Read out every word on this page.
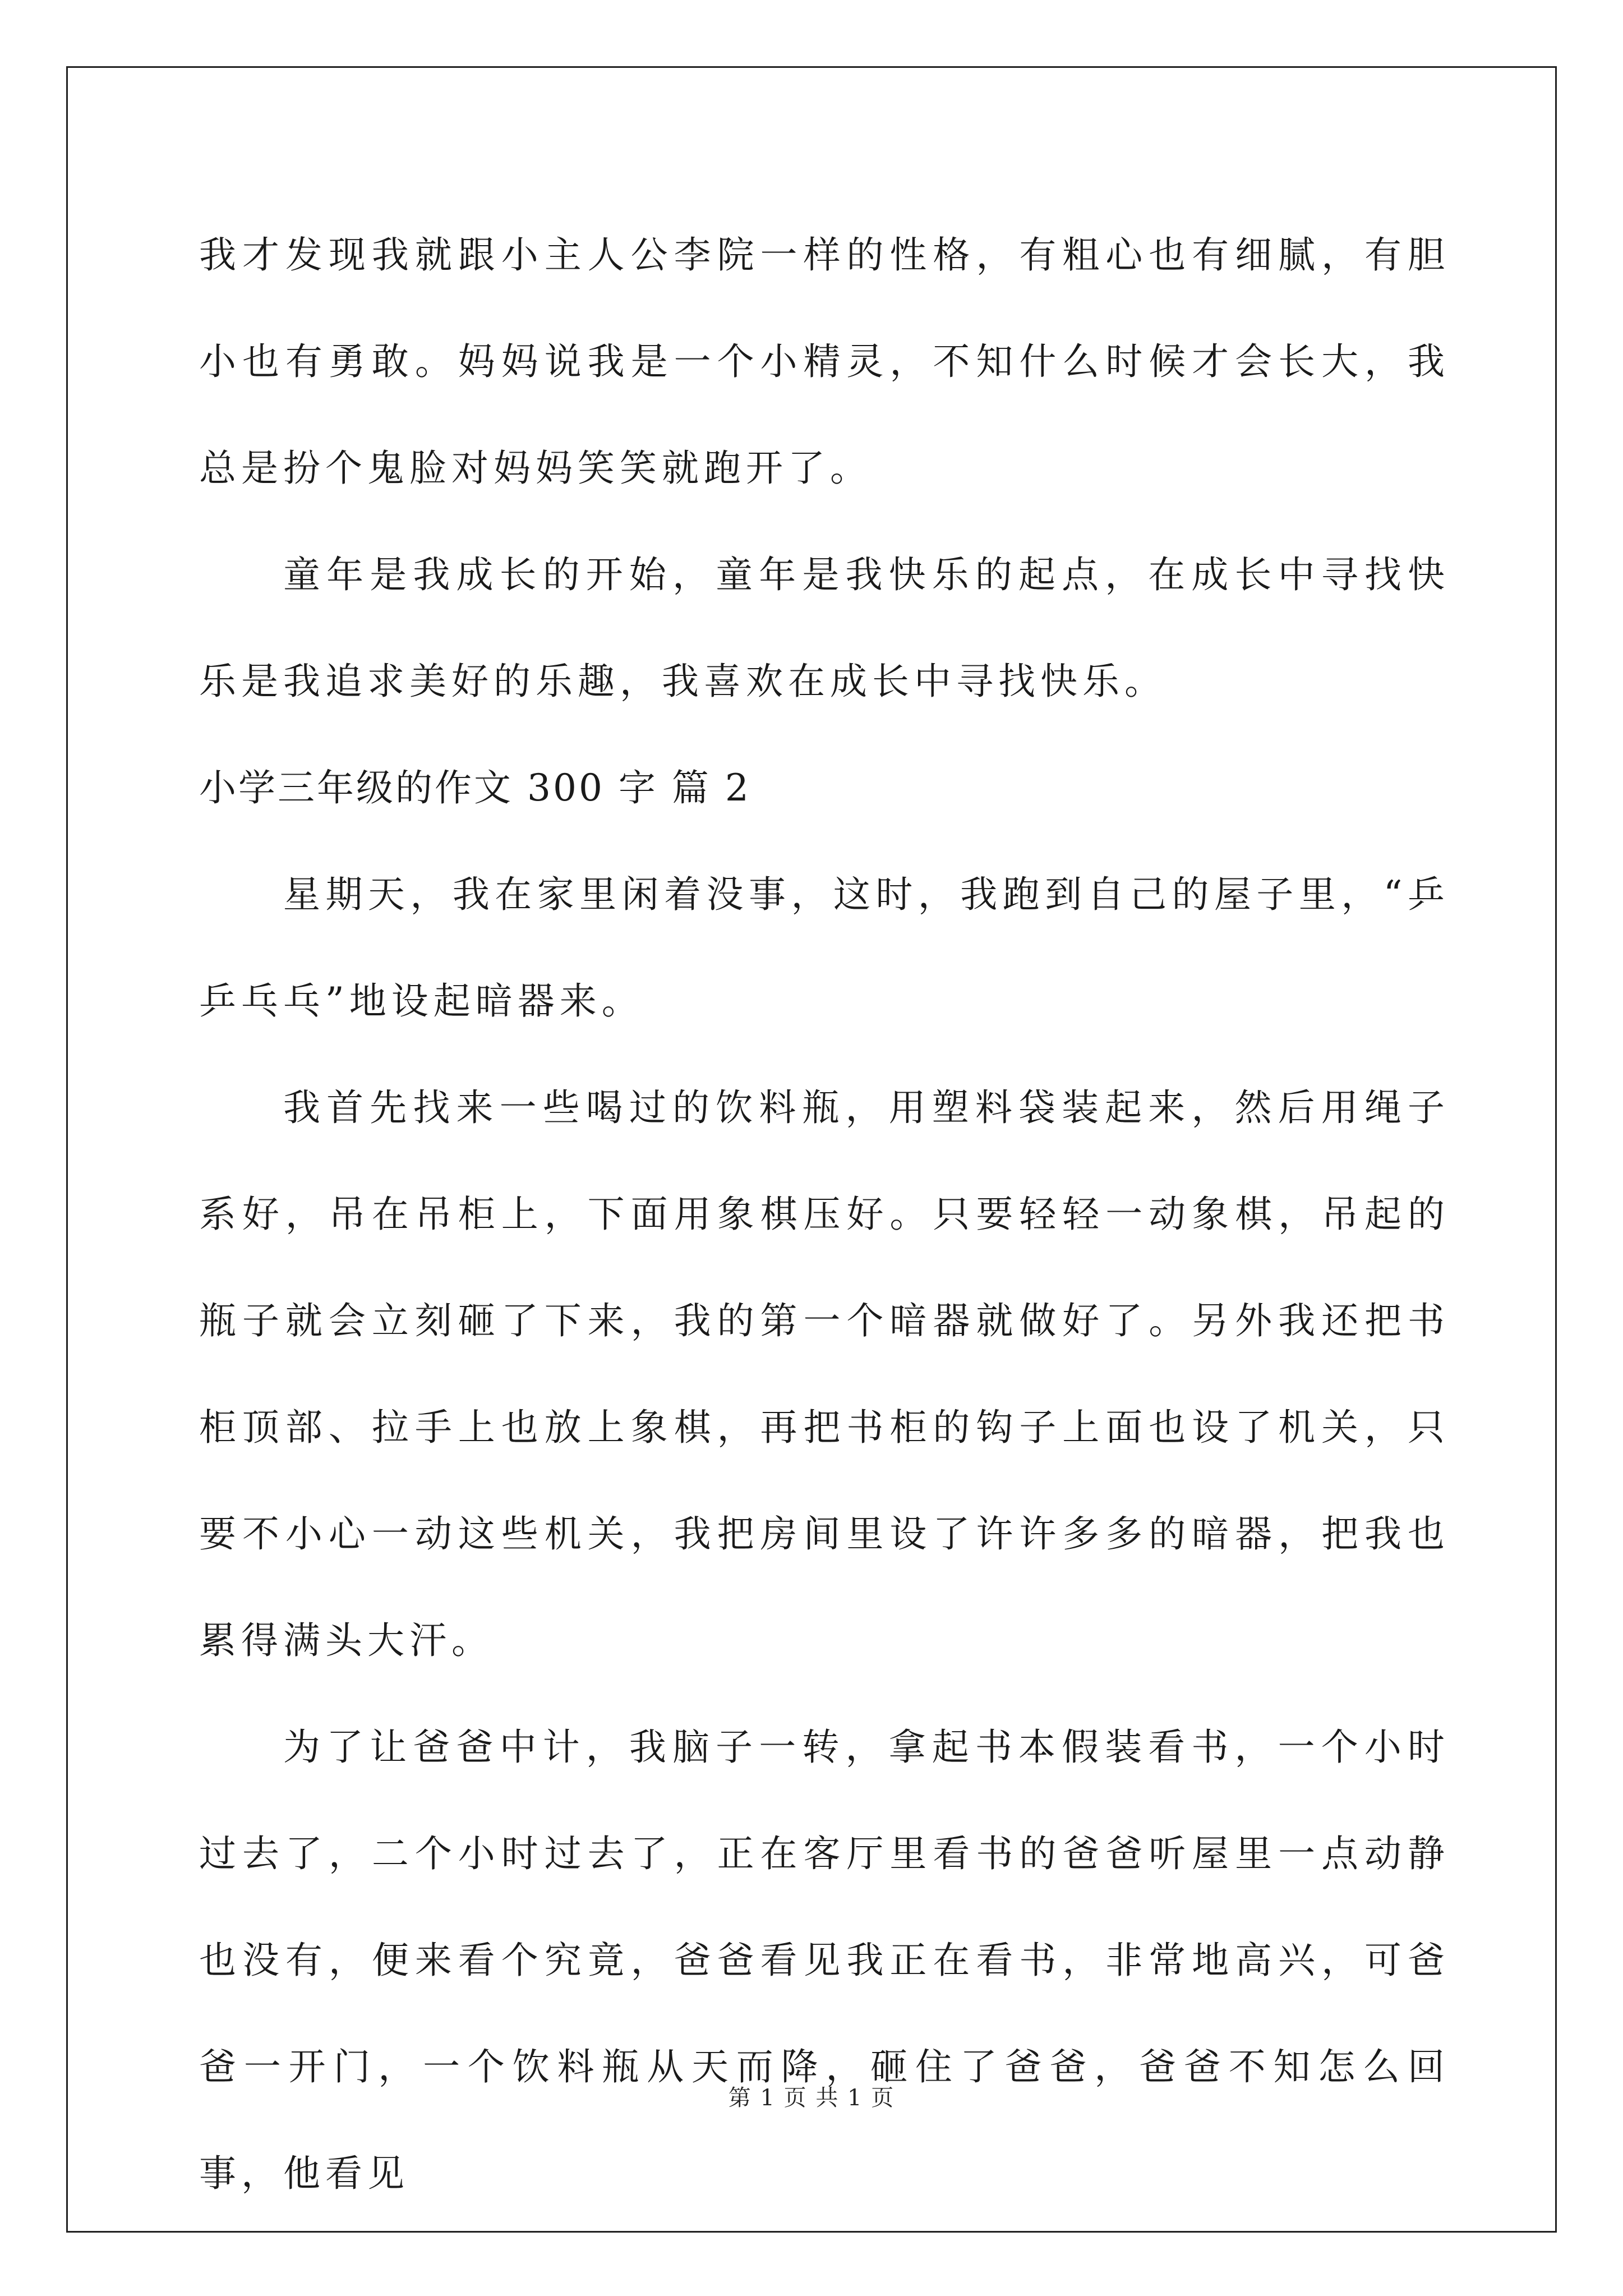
我才发现我就跟小主人公李院一样的性格，有粗心也有细腻，有胆小也有勇敢。妈妈说我是一个小精灵，不知什么时候才会长大，我总是扮个鬼脸对妈妈笑笑就跑开了。

童年是我成长的开始，童年是我快乐的起点，在成长中寻找快乐是我追求美好的乐趣，我喜欢在成长中寻找快乐。

小学三年级的作文 300 字 篇 2

星期天，我在家里闲着没事，这时，我跑到自己的屋子里，“乒乒乓乓”地设起暗器来。

我首先找来一些喝过的饮料瓶，用塑料袋装起来，然后用绳子系好，吊在吊柜上，下面用象棋压好。只要轻轻一动象棋，吊起的瓶子就会立刻砸了下来，我的第一个暗器就做好了。另外我还把书柜顶部、拉手上也放上象棋，再把书柜的钩子上面也设了机关，只要不小心一动这些机关，我把房间里设了许许多多的暗器，把我也累得满头大汗。

为了让爸爸中计，我脑子一转，拿起书本假装看书，一个小时过去了，二个小时过去了，正在客厅里看书的爸爸听屋里一点动静也没有，便来看个究竟，爸爸看见我正在看书，非常地高兴，可爸爸一开门，一个饮料瓶从天而降，砸住了爸爸，爸爸不知怎么回事，他看见

第 1 页 共 1 页
